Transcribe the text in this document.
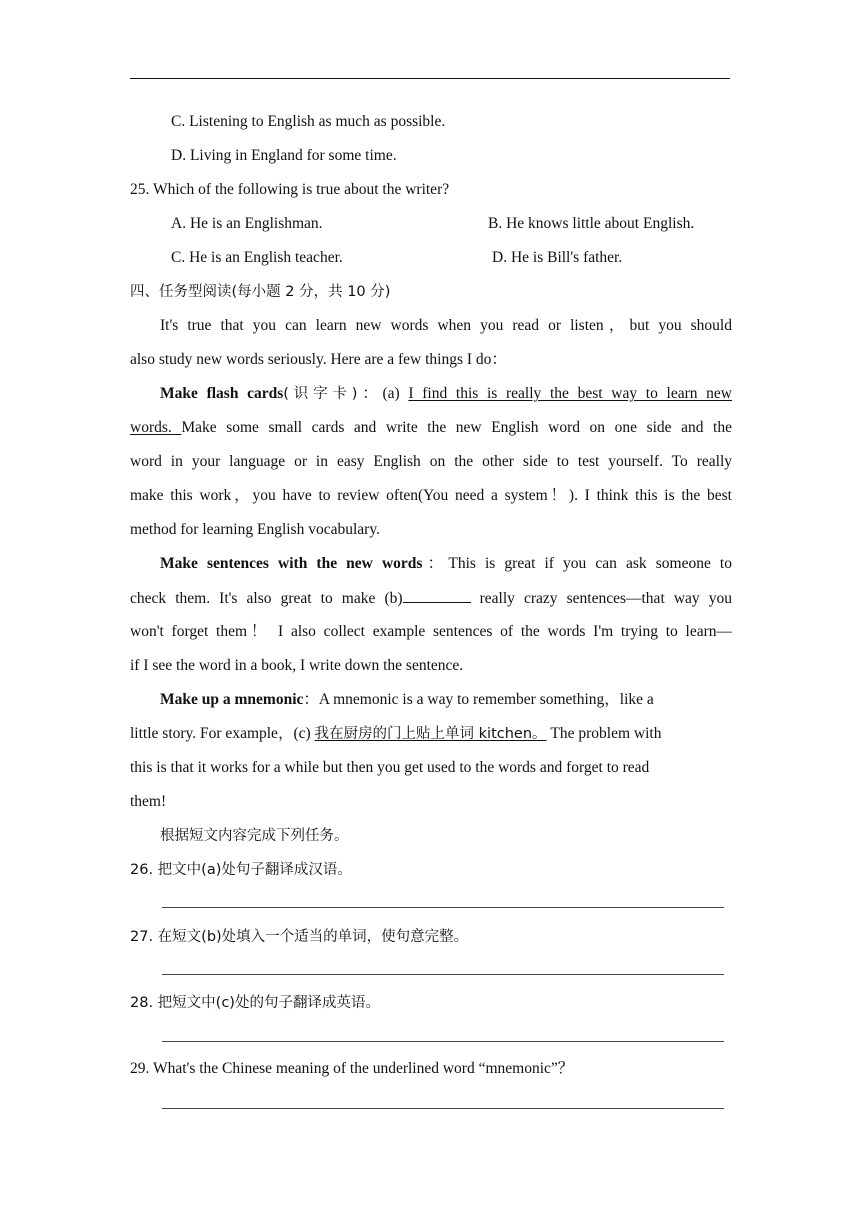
C. Listening to English as much as possible.
D. Living in England for some time.
25. Which of the following is true about the writer?
A. He is an Englishman.	B. He knows little about English.
C. He is an English teacher.	D. He is Bill's father.
四、任务型阅读(每小题 2 分，共 10 分)
It's true that you can learn new words when you read or listen，but you should
also study new words seriously. Here are a few things I do：
Make flash cards(识字卡)：(a) I find this is really the best way to learn new
words. Make some small cards and write the new English word on one side and the
word in your language or in easy English on the other side to test yourself. To really
make this work，you have to review often(You need a system！). I think this is the best
method for learning English vocabulary.
Make sentences with the new words：This is great if you can ask someone to
check them. It's also great to make (b)	really crazy sentences—that way you
won't forget them！ I also collect example sentences of the words I'm trying to learn—
if I see the word in a book, I write down the sentence.
Make up a mnemonic：A mnemonic is a way to remember something，like a
little story. For example，(c) 我在厨房的门上贴上单词 kitchen。 The problem with
this is that it works for a while but then you get used to the words and forget to read
them!
根据短文内容完成下列任务。
26. 把文中(a)处句子翻译成汉语。
27. 在短文(b)处填入一个适当的单词，使句意完整。
28. 把短文中(c)处的句子翻译成英语。
29. What's the Chinese meaning of the underlined word “mnemonic”？
